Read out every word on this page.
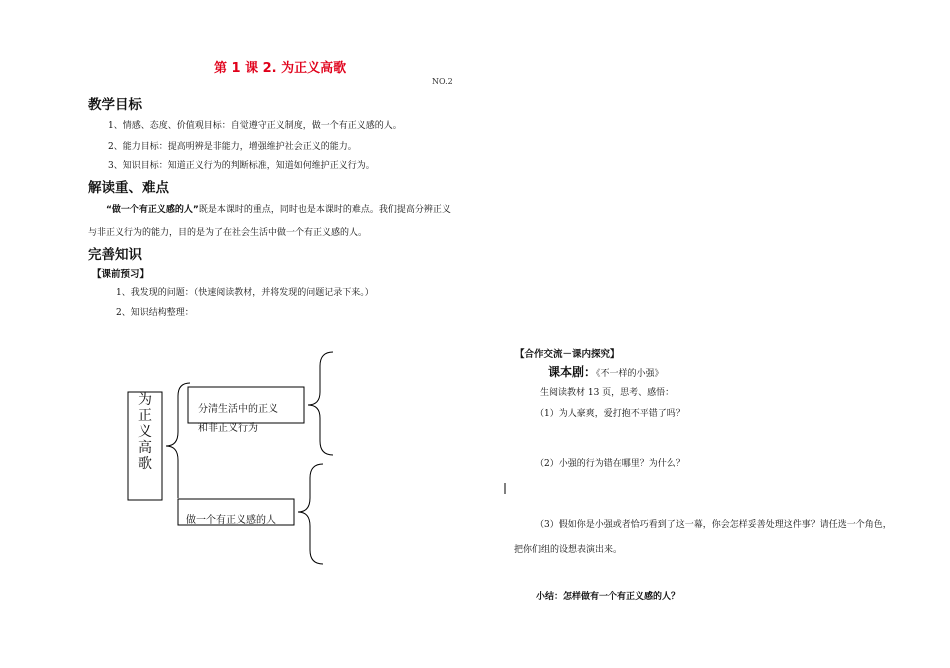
第 1 课 2. 为正义高歌
NO.2
教学目标
1、情感、态度、价值观目标：自觉遵守正义制度，做一个有正义感的人。
2、能力目标：提高明辨是非能力，增强维护社会正义的能力。
3、知识目标：知道正义行为的判断标准，知道如何维护正义行为。
解读重、难点
“做一个有正义感的人”既是本课时的重点，同时也是本课时的难点。我们提高分辨正义
与非正义行为的能力，目的是为了在社会生活中做一个有正义感的人。
完善知识
【课前预习】
1、我发现的问题：（快速阅读教材，并将发现的问题记录下来。）
2、知识结构整理：
为
正
义
高
歌
分清生活中的正义
和非正义行为
做一个有正义感的人
【合作交流－课内探究】
课本剧：《不一样的小强》
生阅读教材 13 页，思考、感悟：
（1）为人豪爽，爱打抱不平错了吗？
（2）小强的行为错在哪里？为什么？
（3）假如你是小强或者恰巧看到了这一幕，你会怎样妥善处理这件事？请任选一个角色，
把你们组的设想表演出来。
小结：怎样做有一个有正义感的人？
